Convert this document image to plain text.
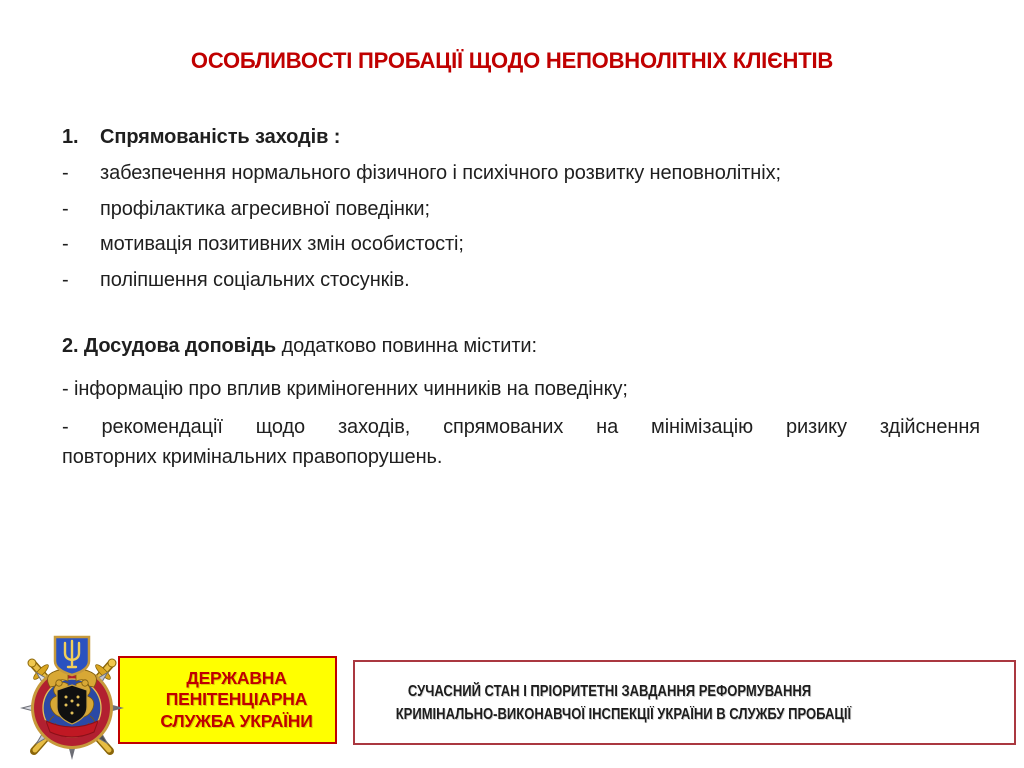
ОСОБЛИВОСТІ ПРОБАЦІЇ ЩОДО НЕПОВНОЛІТНІХ КЛІЄНТІВ
1.	Спрямованість заходів :
-	забезпечення нормального фізичного і психічного розвитку неповнолітніх;
-	профілактика агресивної поведінки;
-	мотивація позитивних змін особистості;
-	поліпшення соціальних стосунків.
2. Досудова доповідь додатково повинна містити:
- інформацію про вплив криміногенних чинників на поведінку;
- рекомендації щодо заходів, спрямованих на мінімізацію ризику здійснення
повторних кримінальних правопорушень.
ДЕРЖАВНА
ПЕНІТЕНЦІАРНА
СЛУЖБА УКРАЇНИ
СУЧАСНИЙ СТАН І ПРІОРИТЕТНІ ЗАВДАННЯ РЕФОРМУВАННЯ
КРИМІНАЛЬНО-ВИКОНАВЧОЇ ІНСПЕКЦІЇ УКРАЇНИ В СЛУЖБУ ПРОБАЦІЇ
